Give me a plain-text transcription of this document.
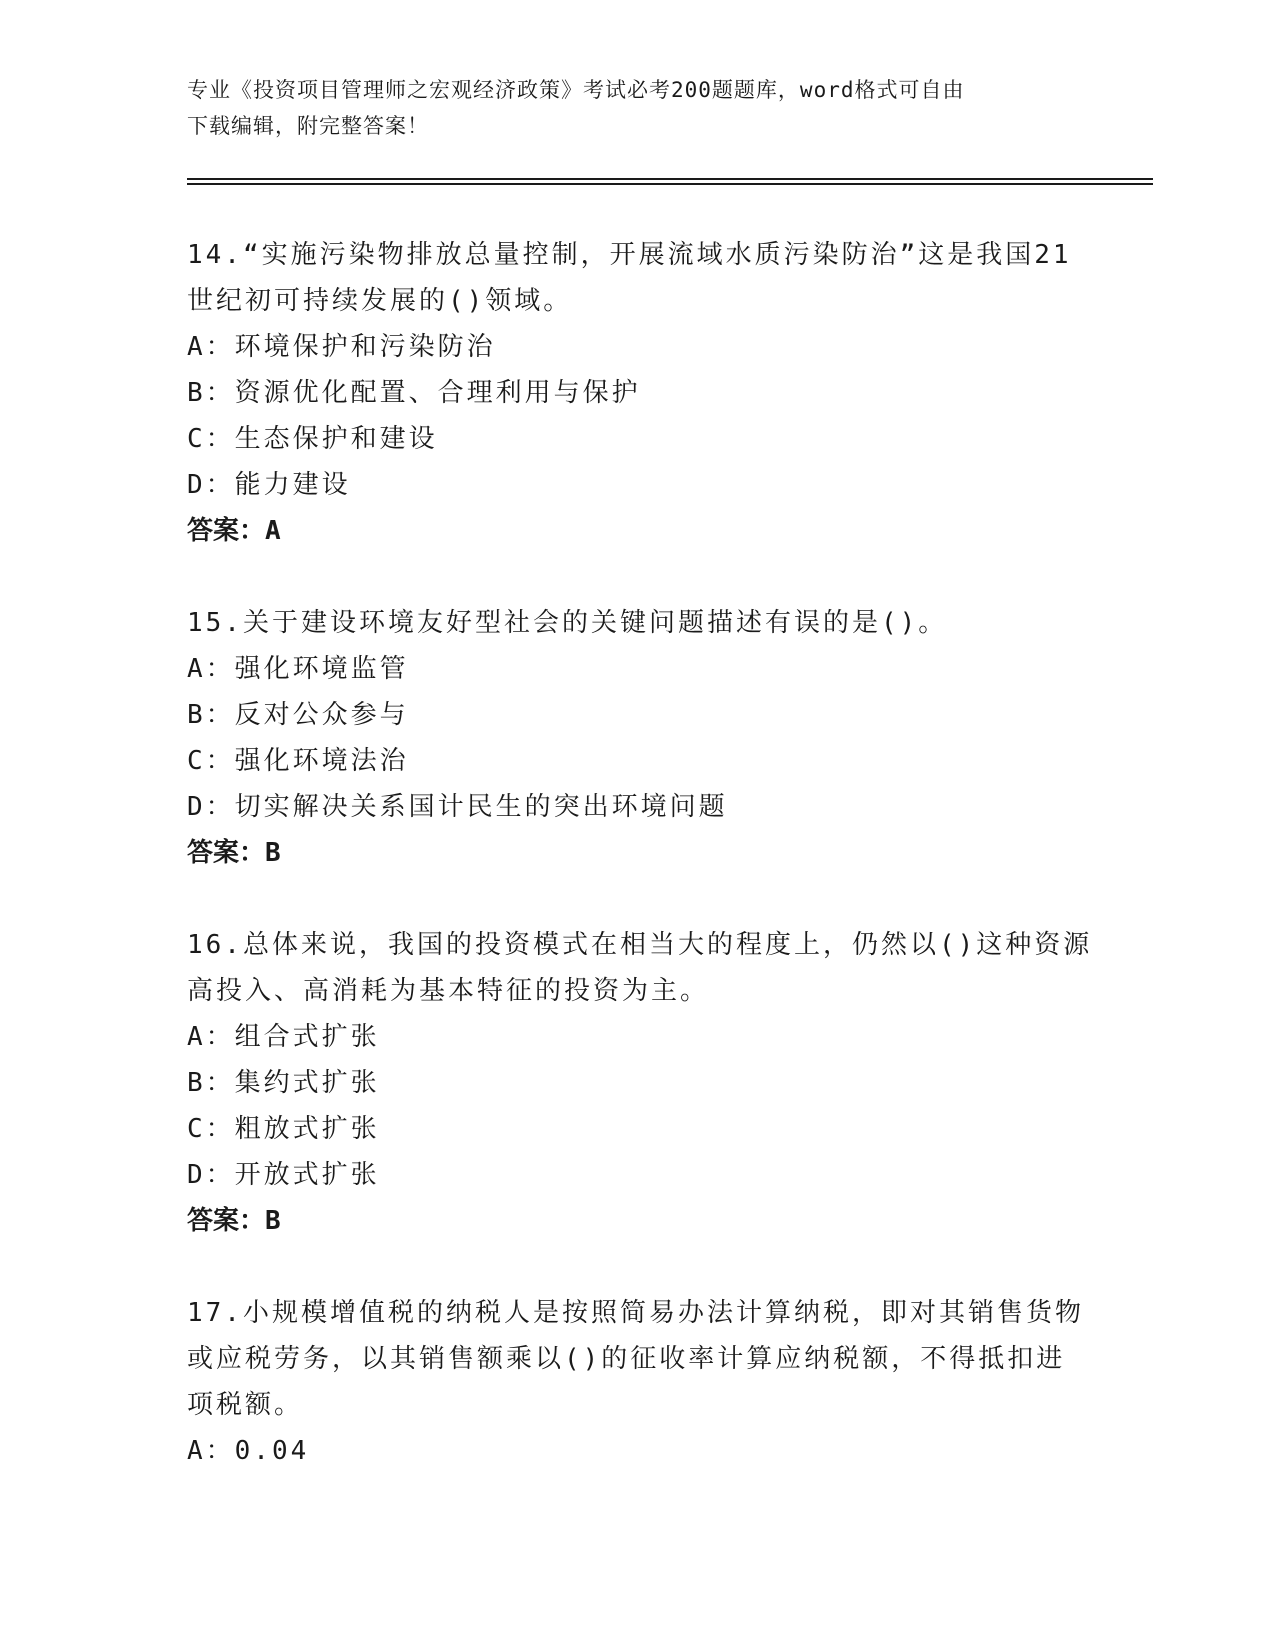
专业《投资项目管理师之宏观经济政策》考试必考200题题库，word格式可自由
下载编辑，附完整答案！
14.“实施污染物排放总量控制，开展流域水质污染防治”这是我国21
世纪初可持续发展的()领域。
A：环境保护和污染防治
B：资源优化配置、合理利用与保护
C：生态保护和建设
D：能力建设
答案：A
15.关于建设环境友好型社会的关键问题描述有误的是()。
A：强化环境监管
B：反对公众参与
C：强化环境法治
D：切实解决关系国计民生的突出环境问题
答案：B
16.总体来说，我国的投资模式在相当大的程度上，仍然以()这种资源
高投入、高消耗为基本特征的投资为主。
A：组合式扩张
B：集约式扩张
C：粗放式扩张
D：开放式扩张
答案：B
17.小规模增值税的纳税人是按照简易办法计算纳税，即对其销售货物
或应税劳务，以其销售额乘以()的征收率计算应纳税额，不得抵扣进
项税额。
A：0.04
